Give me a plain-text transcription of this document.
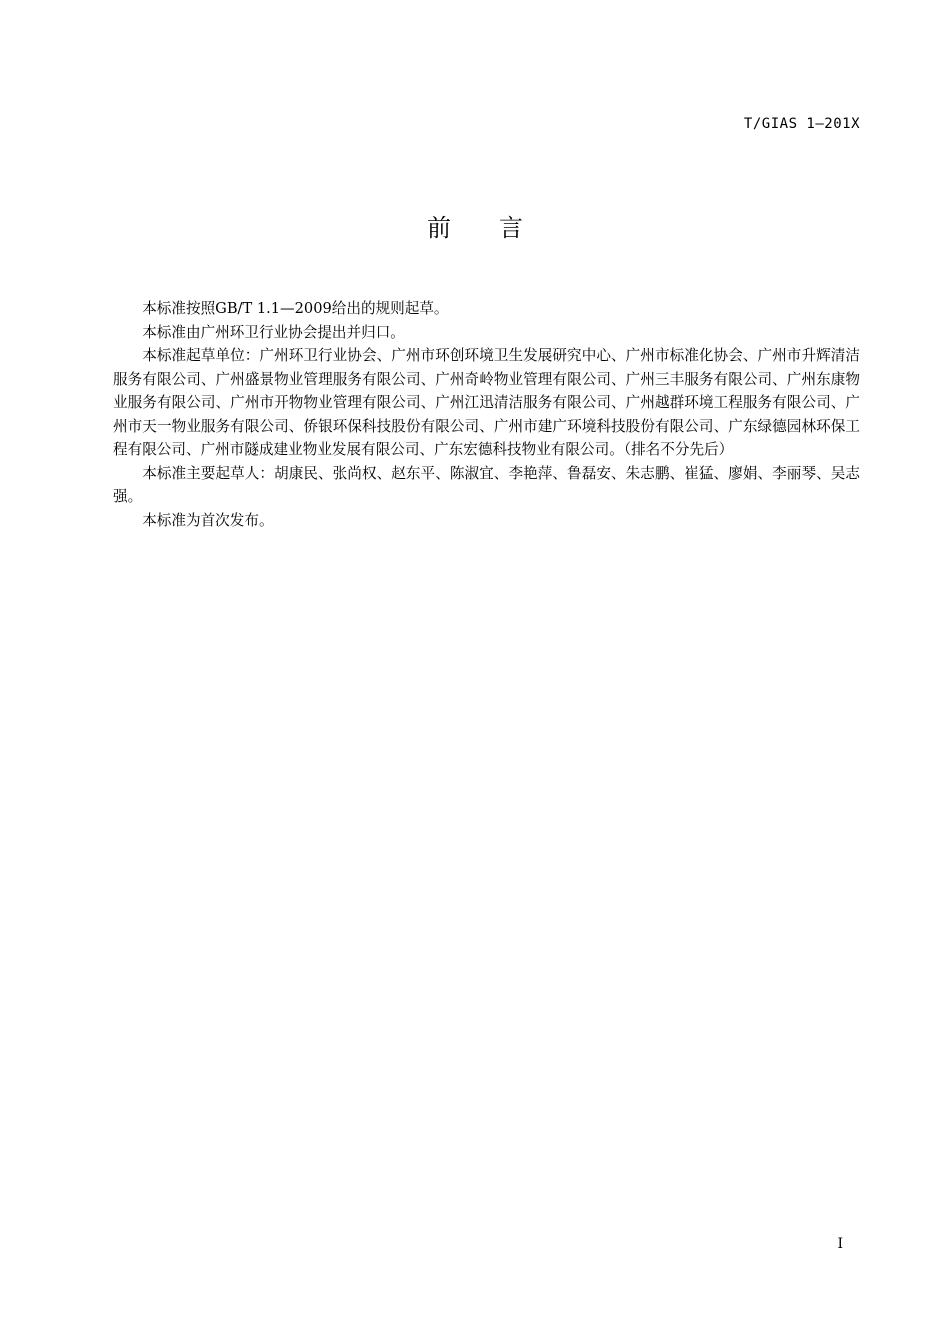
T/GIAS 1—201X
前　　言

本标准按照GB/T 1.1—2009给出的规则起草。

本标准由广州环卫行业协会提出并归口。

本标准起草单位：广州环卫行业协会、广州市环创环境卫生发展研究中心、广州市标准化协会、广州市升辉清洁服务有限公司、广州盛景物业管理服务有限公司、广州奇岭物业管理有限公司、广州三丰服务有限公司、广州东康物业服务有限公司、广州市开物物业管理有限公司、广州江迅清洁服务有限公司、广州越群环境工程服务有限公司、广州市天一物业服务有限公司、侨银环保科技股份有限公司、广州市建广环境科技股份有限公司、广东绿德园林环保工程有限公司、广州市隧成建业物业发展有限公司、广东宏德科技物业有限公司。（排名不分先后）

本标准主要起草人：胡康民、张尚权、赵东平、陈淑宜、李艳萍、鲁磊安、朱志鹏、崔猛、廖娟、李丽琴、吴志强。

本标准为首次发布。

I
